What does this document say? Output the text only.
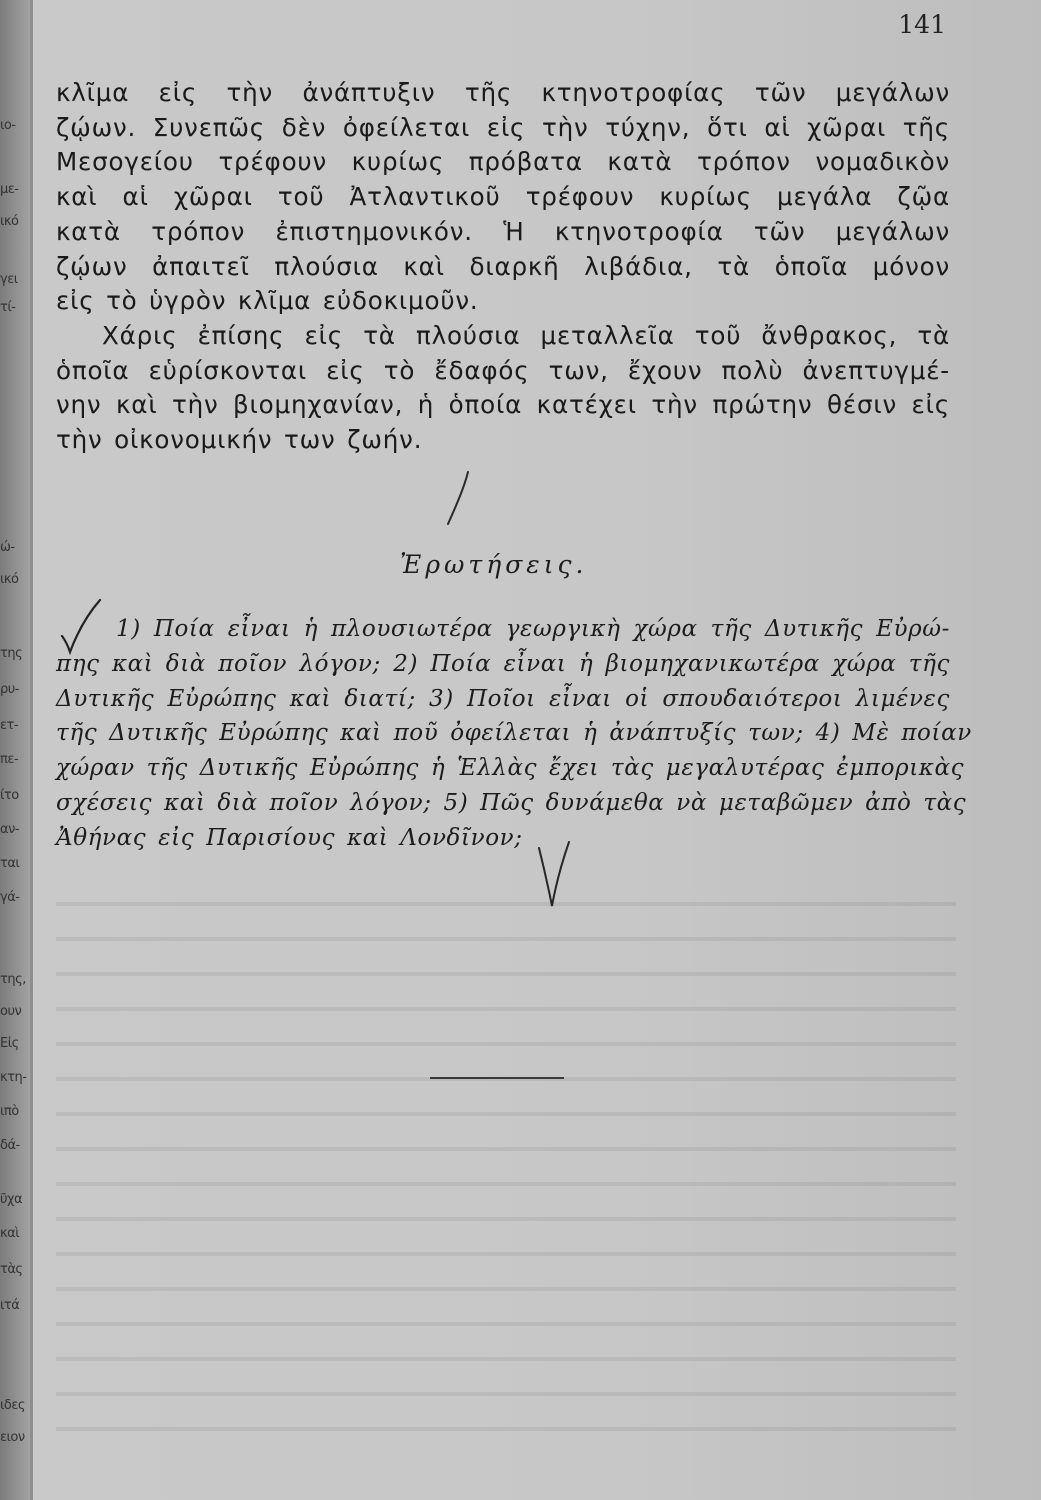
ιο-
με-
ικό
γει
τί-
ώ-
ικό
της
ρυ-
ετ-
πε-
ίτο
αν-
ται
γά-
της,
ουν
Εἰς
κτη-
ιπὸ
δά-
ῦχα
καὶ
τὰς
ιτά
ιδες
ειον
141
κλῖμα εἰς τὴν ἀνάπτυξιν τῆς κτηνοτροφίας τῶν μεγάλων
ζῴων. Συνεπῶς δὲν ὀφείλεται εἰς τὴν τύχην, ὅτι αἱ χῶραι τῆς
Μεσογείου τρέφουν κυρίως πρόβατα κατὰ τρόπον νομαδικὸν
καὶ αἱ χῶραι τοῦ Ἀτλαντικοῦ τρέφουν κυρίως μεγάλα ζῷα
κατὰ τρόπον ἐπιστημονικόν. Ἡ κτηνοτροφία τῶν μεγάλων
ζῴων ἀπαιτεῖ πλούσια καὶ διαρκῆ λιβάδια, τὰ ὁποῖα μόνον
εἰς τὸ ὑγρὸν κλῖμα εὐδοκιμοῦν.
Χάρις ἐπίσης εἰς τὰ πλούσια μεταλλεῖα τοῦ ἄνθρακος, τὰ
ὁποῖα εὑρίσκονται εἰς τὸ ἔδαφός των, ἔχουν πολὺ ἀνεπτυγμέ-
νην καὶ τὴν βιομηχανίαν, ἡ ὁποία κατέχει τὴν πρώτην θέσιν εἰς
τὴν οἰκονομικήν των ζωήν.
Ἐρωτήσεις.
1) Ποία εἶναι ἡ πλουσιωτέρα γεωργικὴ χώρα τῆς Δυτικῆς Εὐρώ-
πης καὶ διὰ ποῖον λόγον; 2) Ποία εἶναι ἡ βιομηχανικωτέρα χώρα τῆς
Δυτικῆς Εὐρώπης καὶ διατί; 3) Ποῖοι εἶναι οἱ σπουδαιότεροι λιμένες
τῆς Δυτικῆς Εὐρώπης καὶ ποῦ ὀφείλεται ἡ ἀνάπτυξίς των; 4) Μὲ ποίαν
χώραν τῆς Δυτικῆς Εὐρώπης ἡ Ἑλλὰς ἔχει τὰς μεγαλυτέρας ἐμπορικὰς
σχέσεις καὶ διὰ ποῖον λόγον; 5) Πῶς δυνάμεθα νὰ μεταβῶμεν ἀπὸ τὰς
Ἀθήνας εἰς Παρισίους καὶ Λονδῖνον;
